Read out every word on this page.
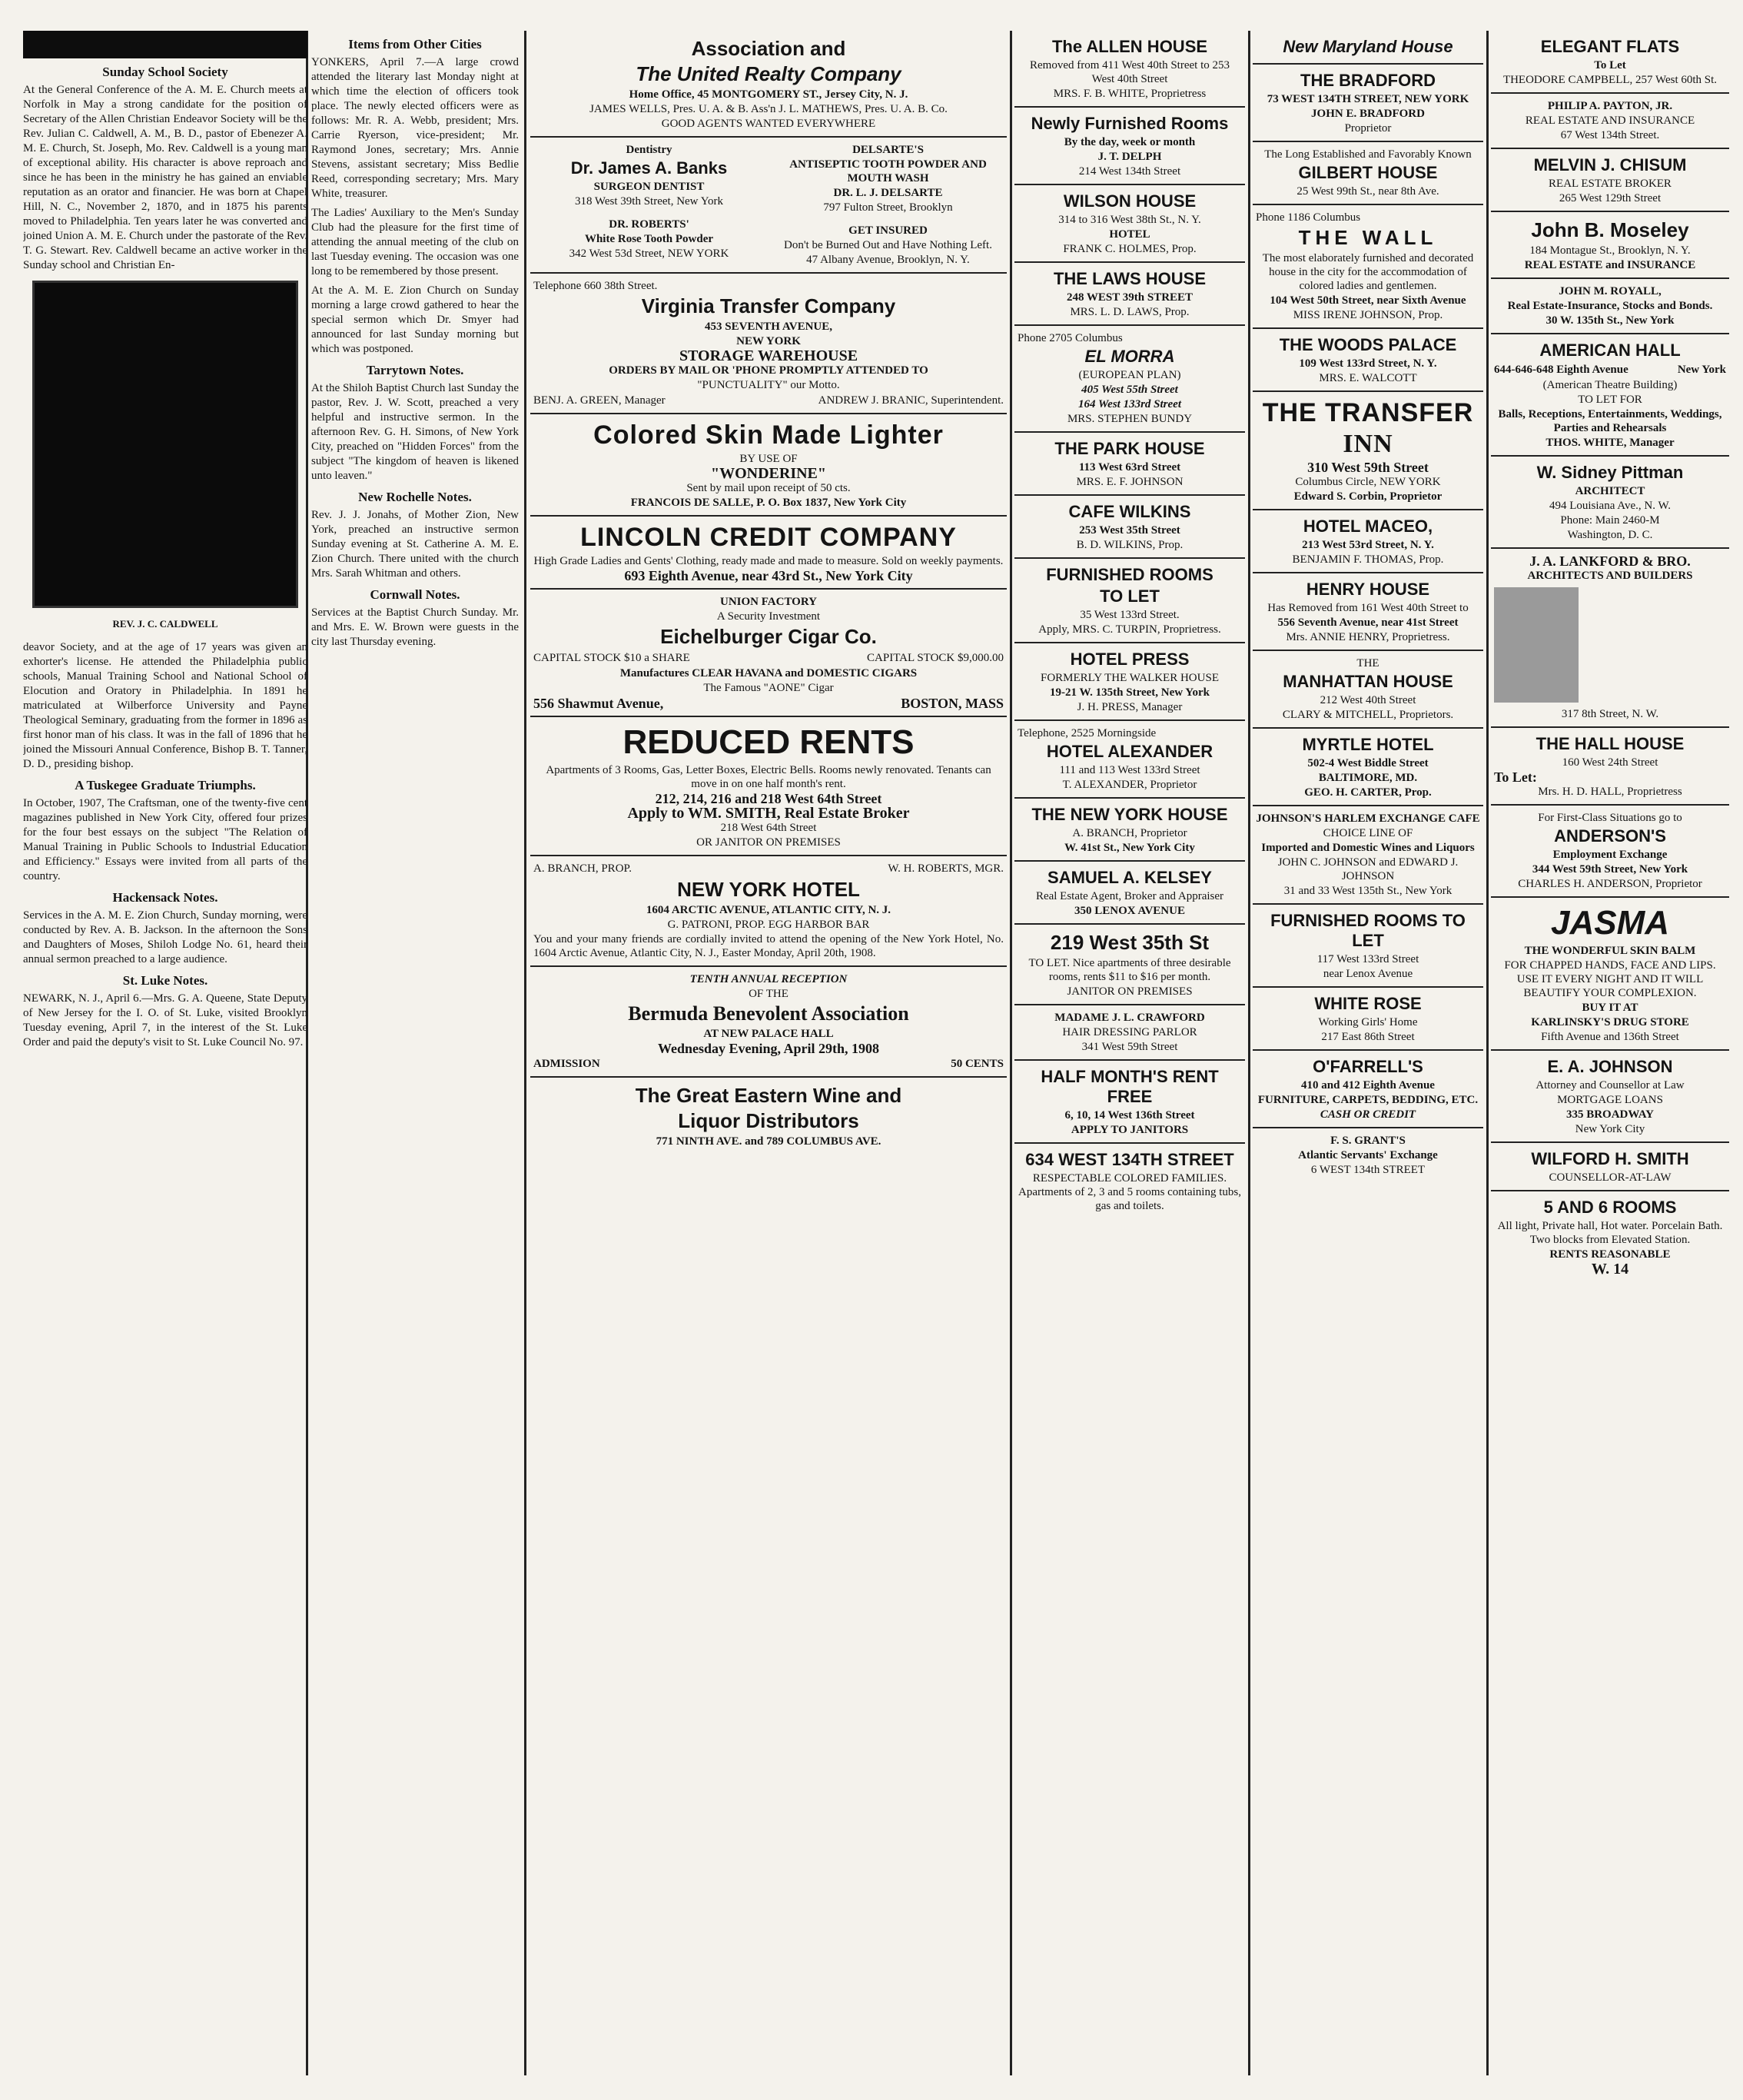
Sunday School Society

At the General Conference of the A. M. E. Church meets at Norfolk in May a strong candidate for the position of Secretary of the Allen Christian Endeavor Society will be the Rev. Julian C. Caldwell, A. M., B. D., pastor of Ebenezer A. M. E. Church, St. Joseph, Mo. Rev. Caldwell is a young man of exceptional ability. His character is above reproach and since he has been in the ministry he has gained an enviable reputation as an orator and financier. He was born at Chapel Hill, N. C., November 2, 1870, and in 1875 his parents moved to Philadelphia. Ten years later he was converted and joined Union A. M. E. Church under the pastorate of the Rev. T. G. Stewart. Rev. Caldwell became an active worker in the Sunday school and Christian En-

REV. J. C. CALDWELL

deavor Society, and at the age of 17 years was given an exhorter's license. He attended the Philadelphia public schools, Manual Training School and National School of Elocution and Oratory in Philadelphia. In 1891 he matriculated at Wilberforce University and Payne Theological Seminary, graduating from the former in 1896 as first honor man of his class. It was in the fall of 1896 that he joined the Missouri Annual Conference, Bishop B. T. Tanner, D. D., presiding bishop.

A Tuskegee Graduate Triumphs.

In October, 1907, The Craftsman, one of the twenty-five cent magazines published in New York City, offered four prizes for the four best essays on the subject "The Relation of Manual Training in Public Schools to Industrial Education and Efficiency." Essays were invited from all parts of the country.

Hackensack Notes.

Services in the A. M. E. Zion Church, Sunday morning, were conducted by Rev. A. B. Jackson. In the afternoon the Sons and Daughters of Moses, Shiloh Lodge No. 61, heard their annual sermon preached to a large audience.

St. Luke Notes.

NEWARK, N. J., April 6.—Mrs. G. A. Queene, State Deputy of New Jersey for the I. O. of St. Luke, visited Brooklyn Tuesday evening, April 7, in the interest of the St. Luke Order and paid the deputy's visit to St. Luke Council No. 97.

Items from Other Cities

YONKERS, April 7.—A large crowd attended the literary last Monday night at which time the election of officers took place. The newly elected officers were as follows: Mr. R. A. Webb, president; Mrs. Carrie Ryerson, vice-president; Mr. Raymond Jones, secretary; Mrs. Annie Stevens, assistant secretary; Miss Bedlie Reed, corresponding secretary; Mrs. Mary White, treasurer.

The Ladies' Auxiliary to the Men's Sunday Club had the pleasure for the first time of attending the annual meeting of the club on last Tuesday evening. The occasion was one long to be remembered by those present.

At the A. M. E. Zion Church on Sunday morning a large crowd gathered to hear the special sermon which Dr. Smyer had announced for last Sunday morning but which was postponed.

Tarrytown Notes.

At the Shiloh Baptist Church last Sunday the pastor, Rev. J. W. Scott, preached a very helpful and instructive sermon. In the afternoon Rev. G. H. Simons, of New York City, preached on "Hidden Forces" from the subject "The kingdom of heaven is likened unto leaven."

New Rochelle Notes.

Rev. J. J. Jonahs, of Mother Zion, New York, preached an instructive sermon Sunday evening at St. Catherine A. M. E. Zion Church. There united with the church Mrs. Sarah Whitman and others.

Cornwall Notes.

Services at the Baptist Church Sunday. Mr. and Mrs. E. W. Brown were guests in the city last Thursday evening.

Association and
The United Realty Company

Home Office, 45 MONTGOMERY ST., Jersey City, N. J.

JAMES WELLS, Pres. U. A. & B. Ass'n J. L. MATHEWS, Pres. U. A. B. Co.

GOOD AGENTS WANTED EVERYWHERE

Dentistry

Dr. James A. Banks

SURGEON DENTIST

318 West 39th Street, New York

DR. ROBERTS'

White Rose Tooth Powder

342 West 53d Street, NEW YORK

DELSARTE'S

ANTISEPTIC TOOTH POWDER AND MOUTH WASH

DR. L. J. DELSARTE

797 Fulton Street, Brooklyn

GET INSURED

Don't be Burned Out and Have Nothing Left.

47 Albany Avenue, Brooklyn, N. Y.

Telephone 660 38th Street.

Virginia Transfer Company

453 SEVENTH AVENUE,

NEW YORK

STORAGE WAREHOUSE

ORDERS BY MAIL OR 'PHONE PROMPTLY ATTENDED TO

"PUNCTUALITY" our Motto.

BENJ. A. GREEN, Manager	ANDREW J. BRANIC, Superintendent.
Colored Skin Made Lighter

BY USE OF

"WONDERINE"

Sent by mail upon receipt of 50 cts.

FRANCOIS DE SALLE, P. O. Box 1837, New York City

LINCOLN CREDIT COMPANY

High Grade Ladies and Gents' Clothing, ready made and made to measure. Sold on weekly payments.

693 Eighth Avenue, near 43rd St., New York City

UNION FACTORY

A Security Investment

Eichelburger Cigar Co.
CAPITAL STOCK $10 a SHARE	CAPITAL STOCK $9,000.00

Manufactures CLEAR HAVANA and DOMESTIC CIGARS

The Famous "AONE" Cigar

556 Shawmut Avenue,	BOSTON, MASS
REDUCED RENTS

Apartments of 3 Rooms, Gas, Letter Boxes, Electric Bells. Rooms newly renovated. Tenants can move in on one half month's rent.

212, 214, 216 and 218 West 64th Street

Apply to WM. SMITH, Real Estate Broker

218 West 64th Street

OR JANITOR ON PREMISES

A. BRANCH, PROP.	W. H. ROBERTS, MGR.
NEW YORK HOTEL

1604 ARCTIC AVENUE, ATLANTIC CITY, N. J.

G. PATRONI, PROP. EGG HARBOR BAR

You and your many friends are cordially invited to attend the opening of the New York Hotel, No. 1604 Arctic Avenue, Atlantic City, N. J., Easter Monday, April 20th, 1908.

TENTH ANNUAL RECEPTION

OF THE

Bermuda Benevolent Association

AT NEW PALACE HALL

Wednesday Evening, April 29th, 1908

ADMISSION	50 CENTS
The Great Eastern Wine and
Liquor Distributors

771 NINTH AVE. and 789 COLUMBUS AVE.

The ALLEN HOUSE

Removed from 411 West 40th Street to 253 West 40th Street

MRS. F. B. WHITE, Proprietress

Newly Furnished Rooms

By the day, week or month

J. T. DELPH

214 West 134th Street

WILSON HOUSE

314 to 316 West 38th St., N. Y.

HOTEL

FRANK C. HOLMES, Prop.

THE LAWS HOUSE

248 WEST 39th STREET

MRS. L. D. LAWS, Prop.

Phone 2705 Columbus

EL MORRA

(EUROPEAN PLAN)

405 West 55th Street

164 West 133rd Street

MRS. STEPHEN BUNDY

THE PARK HOUSE

113 West 63rd Street

MRS. E. F. JOHNSON

CAFE WILKINS

253 West 35th Street

B. D. WILKINS, Prop.

FURNISHED ROOMS
TO LET

35 West 133rd Street.

Apply, MRS. C. TURPIN, Proprietress.

HOTEL PRESS

FORMERLY THE WALKER HOUSE

19-21 W. 135th Street, New York

J. H. PRESS, Manager

Telephone, 2525 Morningside

HOTEL ALEXANDER

111 and 113 West 133rd Street

T. ALEXANDER, Proprietor

THE NEW YORK HOUSE

A. BRANCH, Proprietor

W. 41st St., New York City

SAMUEL A. KELSEY

Real Estate Agent, Broker and Appraiser

350 LENOX AVENUE

219 West 35th St

TO LET. Nice apartments of three desirable rooms, rents $11 to $16 per month.

JANITOR ON PREMISES

MADAME J. L. CRAWFORD

HAIR DRESSING PARLOR

341 West 59th Street

HALF MONTH'S RENT FREE

6, 10, 14 West 136th Street

APPLY TO JANITORS

634 WEST 134TH STREET

RESPECTABLE COLORED FAMILIES. Apartments of 2, 3 and 5 rooms containing tubs, gas and toilets.

New Maryland House
THE BRADFORD

73 WEST 134TH STREET, NEW YORK

JOHN E. BRADFORD

Proprietor

The Long Established and Favorably Known

GILBERT HOUSE

25 West 99th St., near 8th Ave.

Phone 1186 Columbus

THE WALL

The most elaborately furnished and decorated house in the city for the accommodation of colored ladies and gentlemen.

104 West 50th Street, near Sixth Avenue

MISS IRENE JOHNSON, Prop.

THE WOODS PALACE

109 West 133rd Street, N. Y.

MRS. E. WALCOTT

THE TRANSFER
INN

310 West 59th Street

Columbus Circle, NEW YORK

Edward S. Corbin, Proprietor

HOTEL MACEO,

213 West 53rd Street, N. Y.

BENJAMIN F. THOMAS, Prop.

HENRY HOUSE

Has Removed from 161 West 40th Street to

556 Seventh Avenue, near 41st Street

Mrs. ANNIE HENRY, Proprietress.

THE

MANHATTAN HOUSE

212 West 40th Street

CLARY & MITCHELL, Proprietors.

MYRTLE HOTEL

502-4 West Biddle Street

BALTIMORE, MD.

GEO. H. CARTER, Prop.

JOHNSON'S HARLEM EXCHANGE CAFE

CHOICE LINE OF

Imported and Domestic Wines and Liquors

JOHN C. JOHNSON and EDWARD J. JOHNSON

31 and 33 West 135th St., New York

FURNISHED ROOMS TO LET

117 West 133rd Street

near Lenox Avenue

WHITE ROSE

Working Girls' Home

217 East 86th Street

O'FARRELL'S

410 and 412 Eighth Avenue

FURNITURE, CARPETS, BEDDING, ETC.

CASH OR CREDIT

F. S. GRANT'S

Atlantic Servants' Exchange

6 WEST 134th STREET

ELEGANT FLATS

To Let

THEODORE CAMPBELL, 257 West 60th St.

PHILIP A. PAYTON, JR.

REAL ESTATE AND INSURANCE

67 West 134th Street.

MELVIN J. CHISUM

REAL ESTATE BROKER

265 West 129th Street

John B. Moseley

184 Montague St., Brooklyn, N. Y.

REAL ESTATE and INSURANCE

JOHN M. ROYALL,

Real Estate-Insurance, Stocks and Bonds.

30 W. 135th St., New York

AMERICAN HALL
644-646-648 Eighth Avenue	New York

(American Theatre Building)

TO LET FOR

Balls, Receptions, Entertainments, Weddings, Parties and Rehearsals

THOS. WHITE, Manager

W. Sidney Pittman

ARCHITECT

494 Louisiana Ave., N. W.

Phone: Main 2460-M

Washington, D. C.

J. A. LANKFORD & BRO.

ARCHITECTS AND BUILDERS

317 8th Street, N. W.

THE HALL HOUSE

160 West 24th Street

To Let:

Mrs. H. D. HALL, Proprietress

For First-Class Situations go to

ANDERSON'S

Employment Exchange

344 West 59th Street, New York

CHARLES H. ANDERSON, Proprietor

JASMA

THE WONDERFUL SKIN BALM

FOR CHAPPED HANDS, FACE AND LIPS. USE IT EVERY NIGHT AND IT WILL BEAUTIFY YOUR COMPLEXION.

BUY IT AT

KARLINSKY'S DRUG STORE

Fifth Avenue and 136th Street

E. A. JOHNSON

Attorney and Counsellor at Law

MORTGAGE LOANS

335 BROADWAY

New York City

WILFORD H. SMITH

COUNSELLOR-AT-LAW

5 AND 6 ROOMS

All light, Private hall, Hot water. Porcelain Bath. Two blocks from Elevated Station.

RENTS REASONABLE

W. 14
